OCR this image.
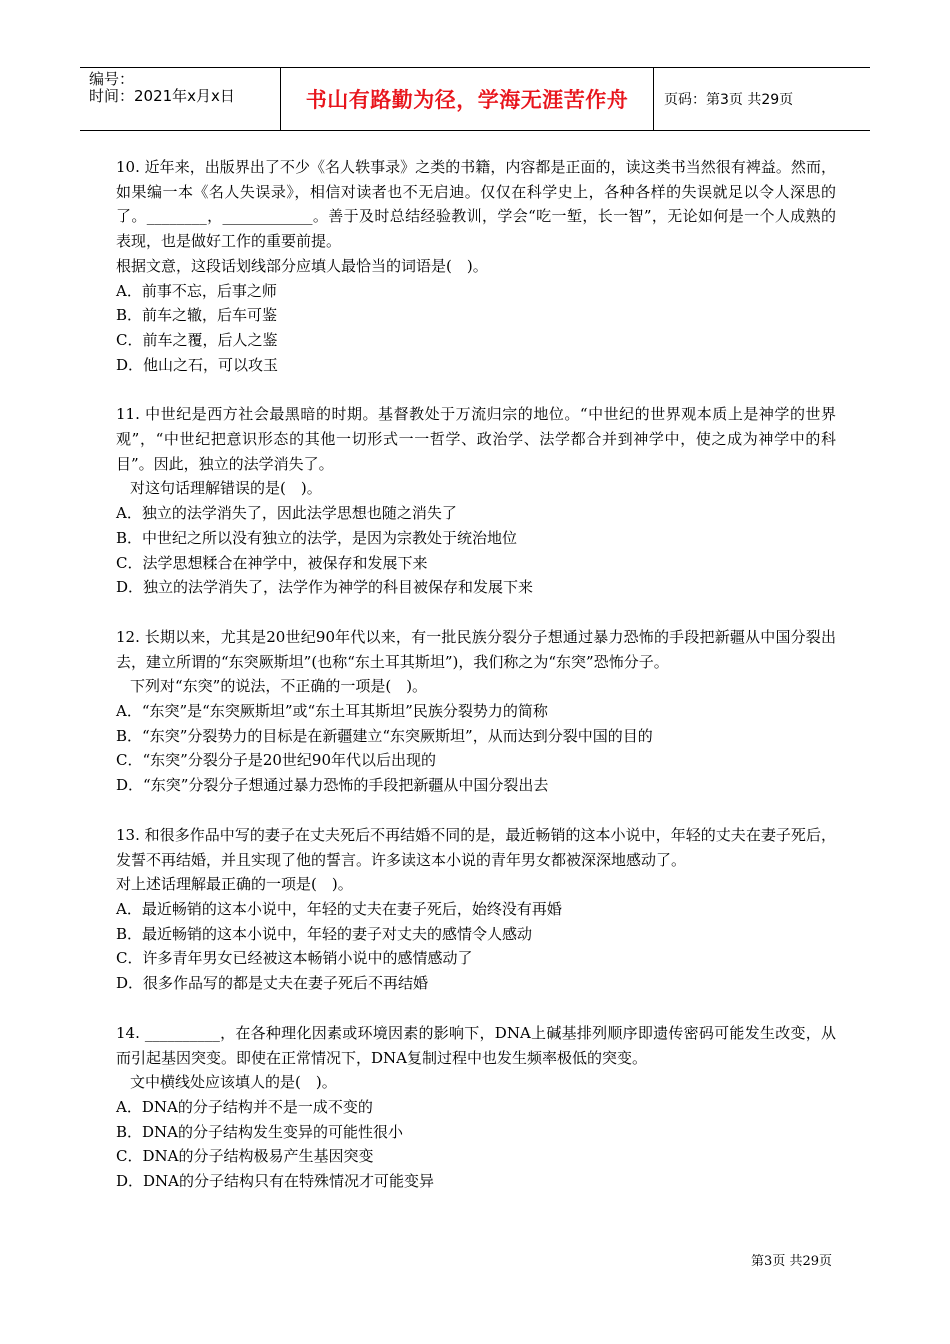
编号：
时间：2021年x月x日	书山有路勤为径，学海无涯苦作舟	页码：第3页 共29页

10. 近年来，出版界出了不少《名人轶事录》之类的书籍，内容都是正面的，读这类书当然很有裨益。然而，如果编一本《名人失误录》，相信对读者也不无启迪。仅仅在科学史上，各种各样的失误就足以令人深思的了。________，____________。善于及时总结经验教训，学会“吃一堑，长一智”，无论如何是一个人成熟的表现，也是做好工作的重要前提。

根据文意，这段话划线部分应填人最恰当的词语是(　)。

A．前事不忘，后事之师

B．前车之辙，后车可鉴

C．前车之覆，后人之鉴

D．他山之石，可以攻玉

11. 中世纪是西方社会最黑暗的时期。基督教处于万流归宗的地位。“中世纪的世界观本质上是神学的世界观”，“中世纪把意识形态的其他一切形式一一哲学、政治学、法学都合并到神学中，使之成为神学中的科目”。因此，独立的法学消失了。

对这句话理解错误的是(　)。

A．独立的法学消失了，因此法学思想也随之消失了

B．中世纪之所以没有独立的法学，是因为宗教处于统治地位

C．法学思想糅合在神学中，被保存和发展下来

D．独立的法学消失了，法学作为神学的科目被保存和发展下来

12. 长期以来，尤其是20世纪90年代以来，有一批民族分裂分子想通过暴力恐怖的手段把新疆从中国分裂出去，建立所谓的“东突厥斯坦”(也称“东土耳其斯坦”)，我们称之为“东突”恐怖分子。

下列对“东突”的说法，不正确的一项是(　)。

A．“东突”是“东突厥斯坦”或“东土耳其斯坦”民族分裂势力的简称

B．“东突”分裂势力的目标是在新疆建立“东突厥斯坦”，从而达到分裂中国的目的

C．“东突”分裂分子是20世纪90年代以后出现的

D．“东突”分裂分子想通过暴力恐怖的手段把新疆从中国分裂出去

13. 和很多作品中写的妻子在丈夫死后不再结婚不同的是，最近畅销的这本小说中，年轻的丈夫在妻子死后，发誓不再结婚，并且实现了他的誓言。许多读这本小说的青年男女都被深深地感动了。

对上述话理解最正确的一项是(　)。

A．最近畅销的这本小说中，年轻的丈夫在妻子死后，始终没有再婚

B．最近畅销的这本小说中，年轻的妻子对丈夫的感情令人感动

C．许多青年男女已经被这本畅销小说中的感情感动了

D．很多作品写的都是丈夫在妻子死后不再结婚

14. __________，在各种理化因素或环境因素的影响下，DNA上碱基排列顺序即遗传密码可能发生改变，从而引起基因突变。即使在正常情况下，DNA复制过程中也发生频率极低的突变。

文中横线处应该填人的是(　)。

A．DNA的分子结构并不是一成不变的

B．DNA的分子结构发生变异的可能性很小

C．DNA的分子结构极易产生基因突变

D．DNA的分子结构只有在特殊情况才可能变异

第3页 共29页
